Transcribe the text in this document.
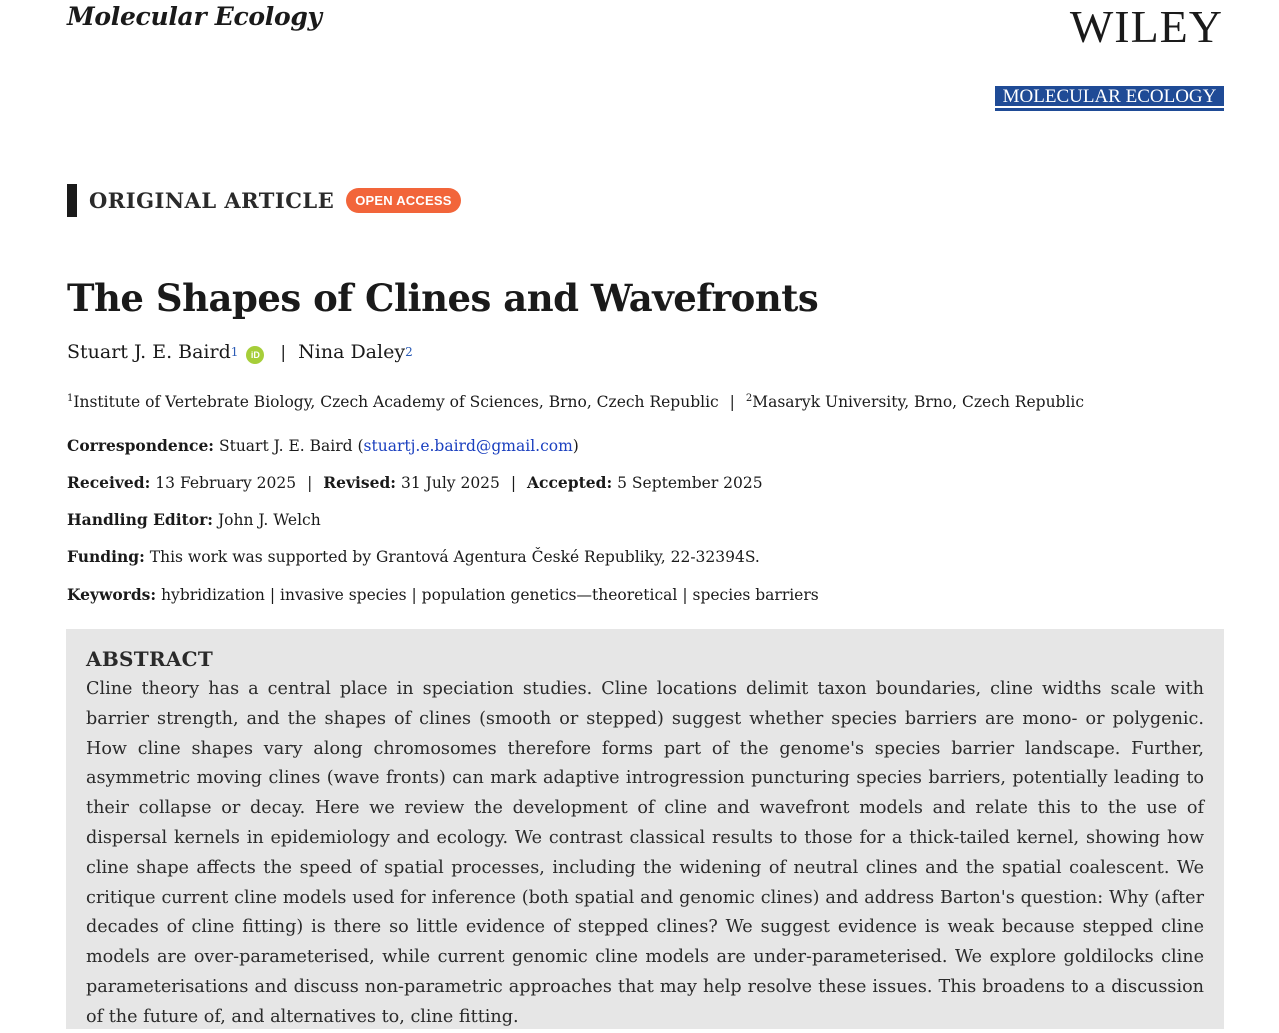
Molecular Ecology	WILEY
MOLECULAR ECOLOGY
ORIGINAL ARTICLE	OPEN ACCESS
The Shapes of Clines and Wavefronts
Stuart J. E. Baird$^1$	iD | Nina Daley$^2$
$^1$Institute of Vertebrate Biology, Czech Academy of Sciences, Brno, Czech Republic | $^2$Masaryk University, Brno, Czech Republic
Correspondence: Stuart J. E. Baird (stuartj.e.baird@gmail.com)
Received: 13 February 2025 | Revised: 31 July 2025 | Accepted: 5 September 2025
Handling Editor: John J. Welch
Funding: This work was supported by Grantová Agentura České Republiky, 22-32394S.
Keywords: hybridization | invasive species | population genetics—theoretical | species barriers
ABSTRACT

Cline theory has a central place in speciation studies. Cline locations delimit taxon boundaries, cline widths scale with barrier strength, and the shapes of clines (smooth or stepped) suggest whether species barriers are mono- or polygenic. How cline shapes vary along chromosomes therefore forms part of the genome's species barrier landscape. Further, asymmetric moving clines (wave fronts) can mark adaptive introgression puncturing species barriers, potentially leading to their collapse or decay. Here we review the development of cline and wavefront models and relate this to the use of dispersal kernels in epidemiology and ecology. We contrast classical results to those for a thick-tailed kernel, showing how cline shape affects the speed of spatial processes, including the widening of neutral clines and the spatial coalescent. We critique current cline models used for inference (both spatial and genomic clines) and address Barton's question: Why (after decades of cline fitting) is there so little evidence of stepped clines? We suggest evidence is weak because stepped cline models are over-parameterised, while current genomic cline models are under-parameterised. We explore goldilocks cline parameterisations and discuss non-parametric approaches that may help resolve these issues. This broadens to a discussion of the future of, and alternatives to, cline fitting.
